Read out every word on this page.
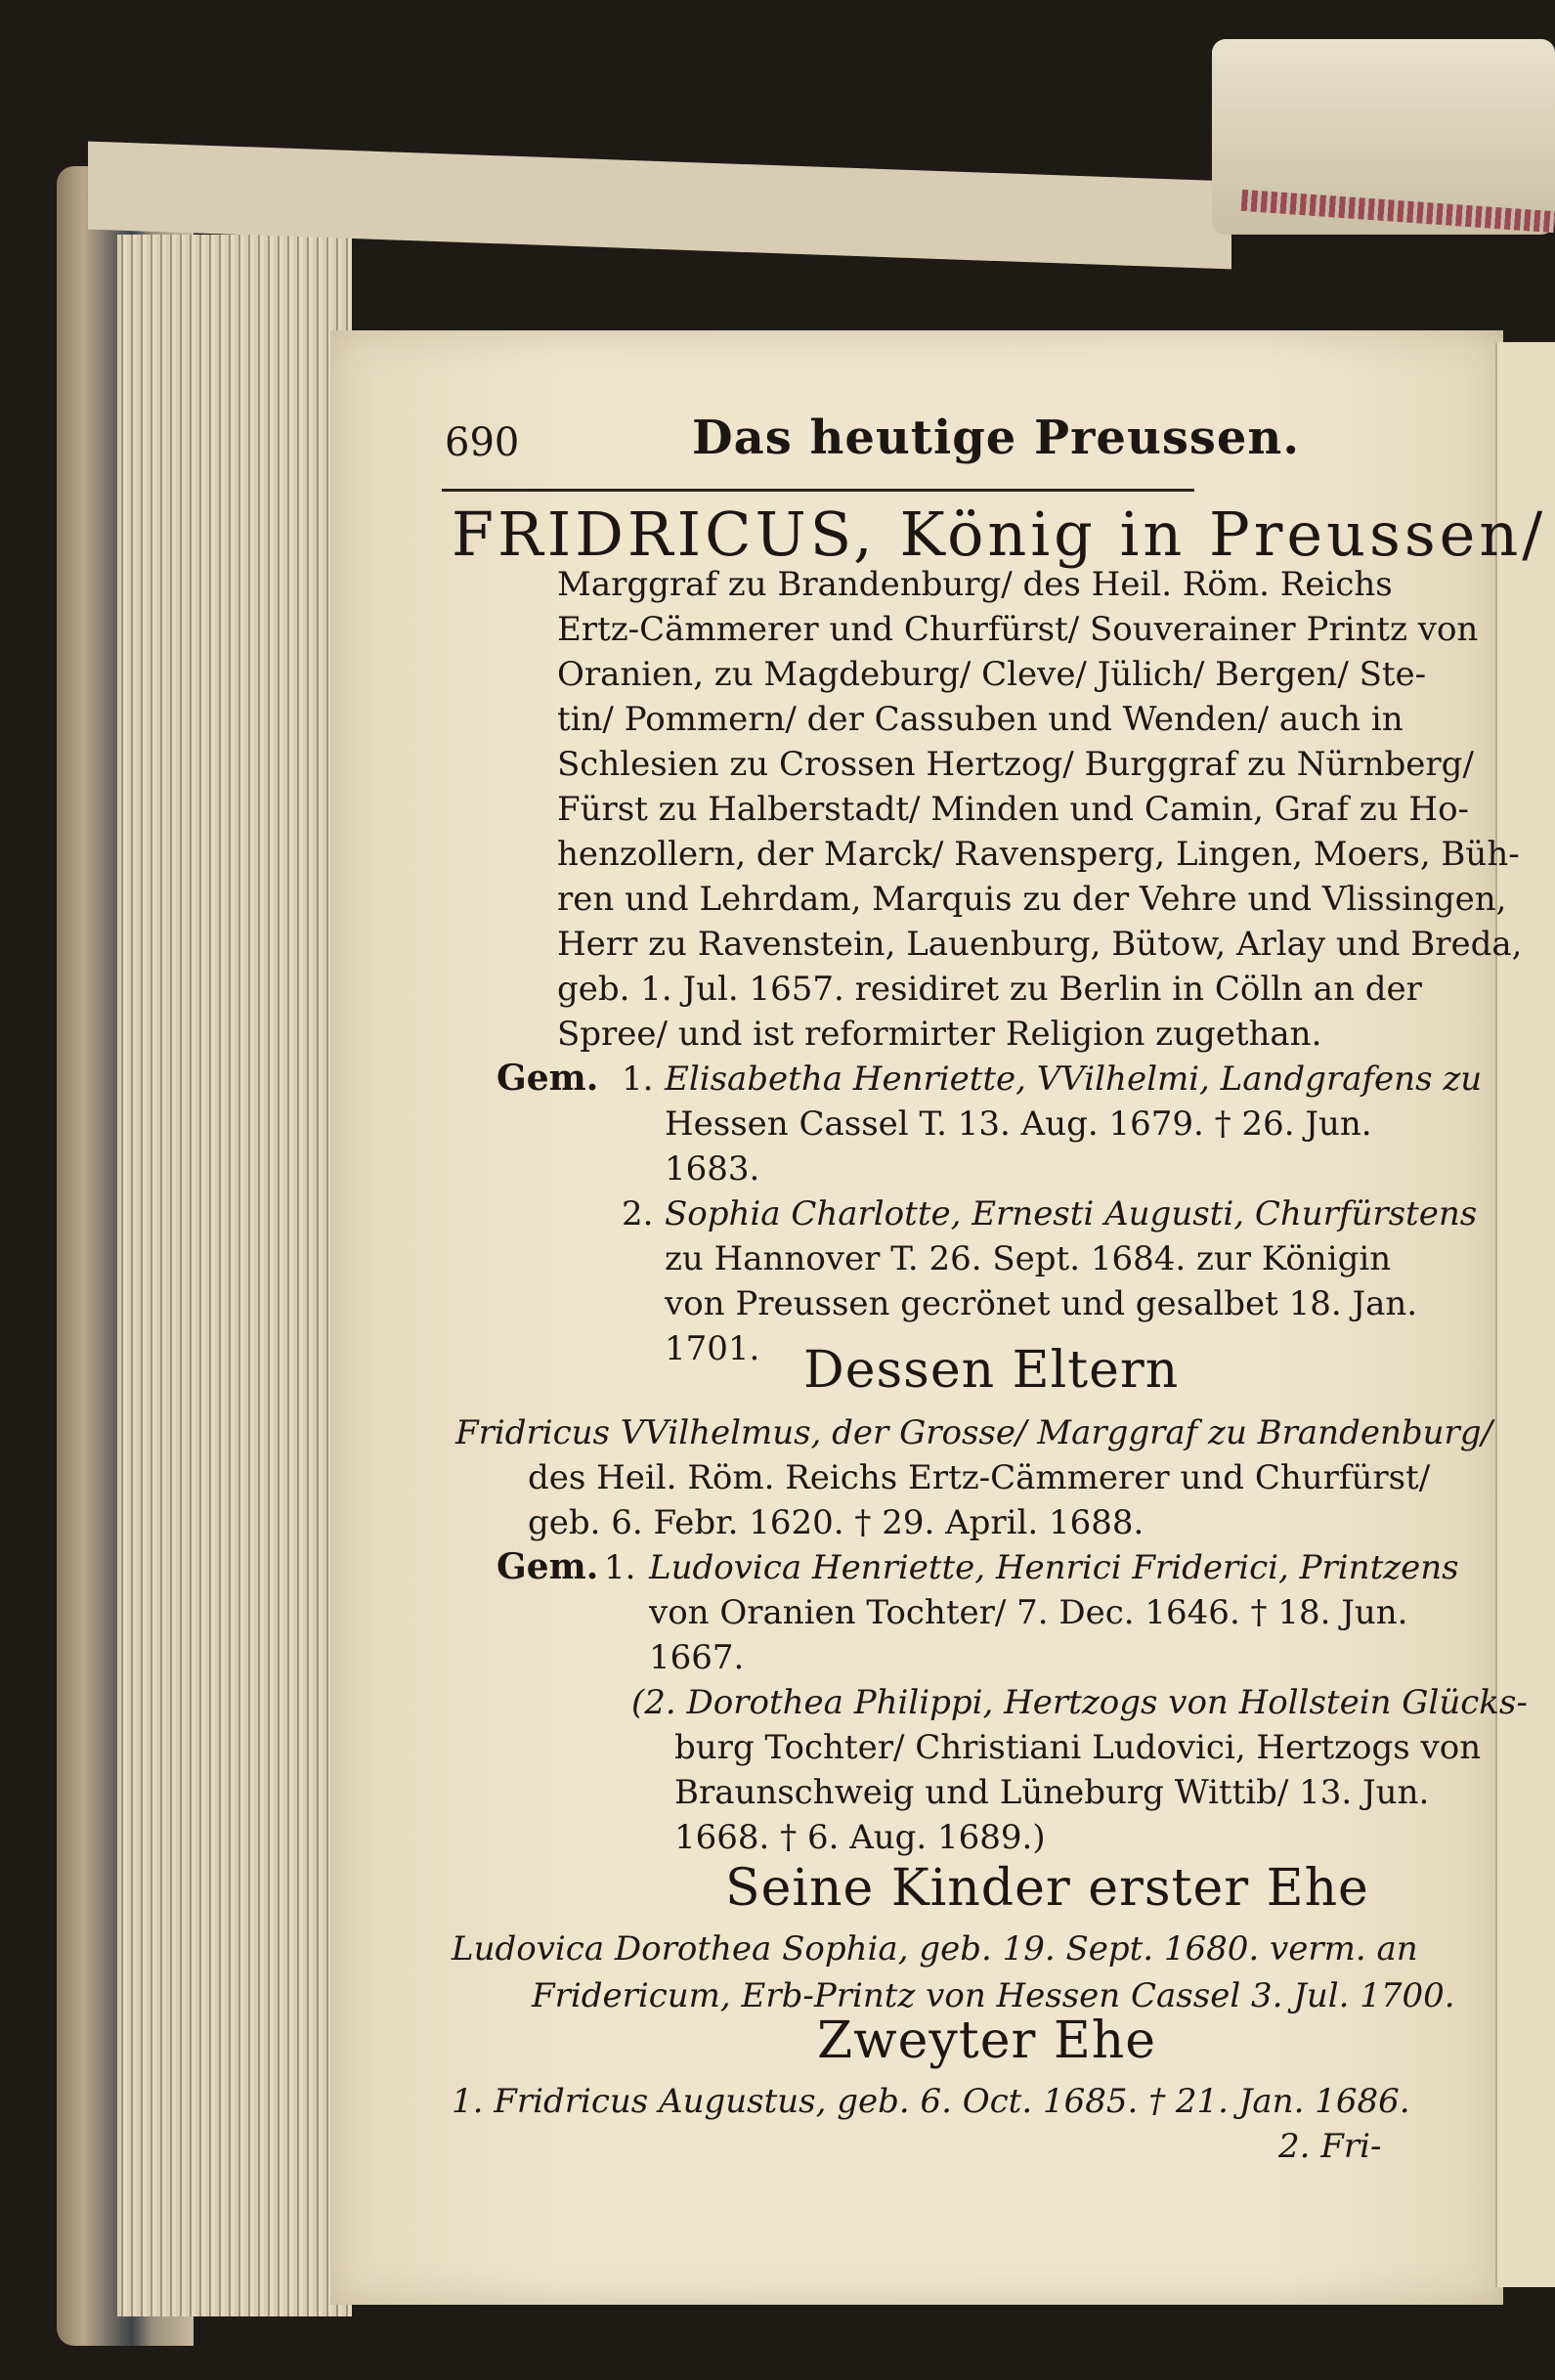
690	Das heutige Preussen.
FRIDRICUS, König in Preussen/
Marggraf zu Brandenburg/ des Heil. Röm. Reichs
Ertz-Cämmerer und Churfürst/ Souverainer Printz von
Oranien, zu Magdeburg/ Cleve/ Jülich/ Bergen/ Ste-
tin/ Pommern/ der Cassuben und Wenden/ auch in
Schlesien zu Crossen Hertzog/ Burggraf zu Nürnberg/
Fürst zu Halberstadt/ Minden und Camin, Graf zu Ho-
henzollern, der Marck/ Ravensperg, Lingen, Moers, Büh-
ren und Lehrdam, Marquis zu der Vehre und Vlissingen,
Herr zu Ravenstein, Lauenburg, Bütow, Arlay und Breda,
geb. 1. Jul. 1657. residiret zu Berlin in Cölln an der
Spree/ und ist reformirter Religion zugethan.
Gem. 1. Elisabetha Henriette, VVilhelmi, Landgrafens zu
Hessen Cassel T. 13. Aug. 1679. † 26. Jun.
1683.
2. Sophia Charlotte, Ernesti Augusti, Churfürstens
zu Hannover T. 26. Sept. 1684. zur Königin
von Preussen gecrönet und gesalbet 18. Jan.
1701. Dessen Eltern
Fridricus VVilhelmus, der Grosse/ Marggraf zu Brandenburg/
des Heil. Röm. Reichs Ertz-Cämmerer und Churfürst/
geb. 6. Febr. 1620. † 29. April. 1688.
Gem. 1. Ludovica Henriette, Henrici Friderici, Printzens
von Oranien Tochter/ 7. Dec. 1646. † 18. Jun.
1667.
(2. Dorothea Philippi, Hertzogs von Hollstein Glücks-
burg Tochter/ Christiani Ludovici, Hertzogs von
Braunschweig und Lüneburg Wittib/ 13. Jun.
1668. † 6. Aug. 1689.)
Seine Kinder erster Ehe
Ludovica Dorothea Sophia, geb. 19. Sept. 1680. verm. an
Fridericum, Erb-Printz von Hessen Cassel 3. Jul. 1700.
Zweyter Ehe
1. Fridricus Augustus, geb. 6. Oct. 1685. † 21. Jan. 1686.
2. Fri-
